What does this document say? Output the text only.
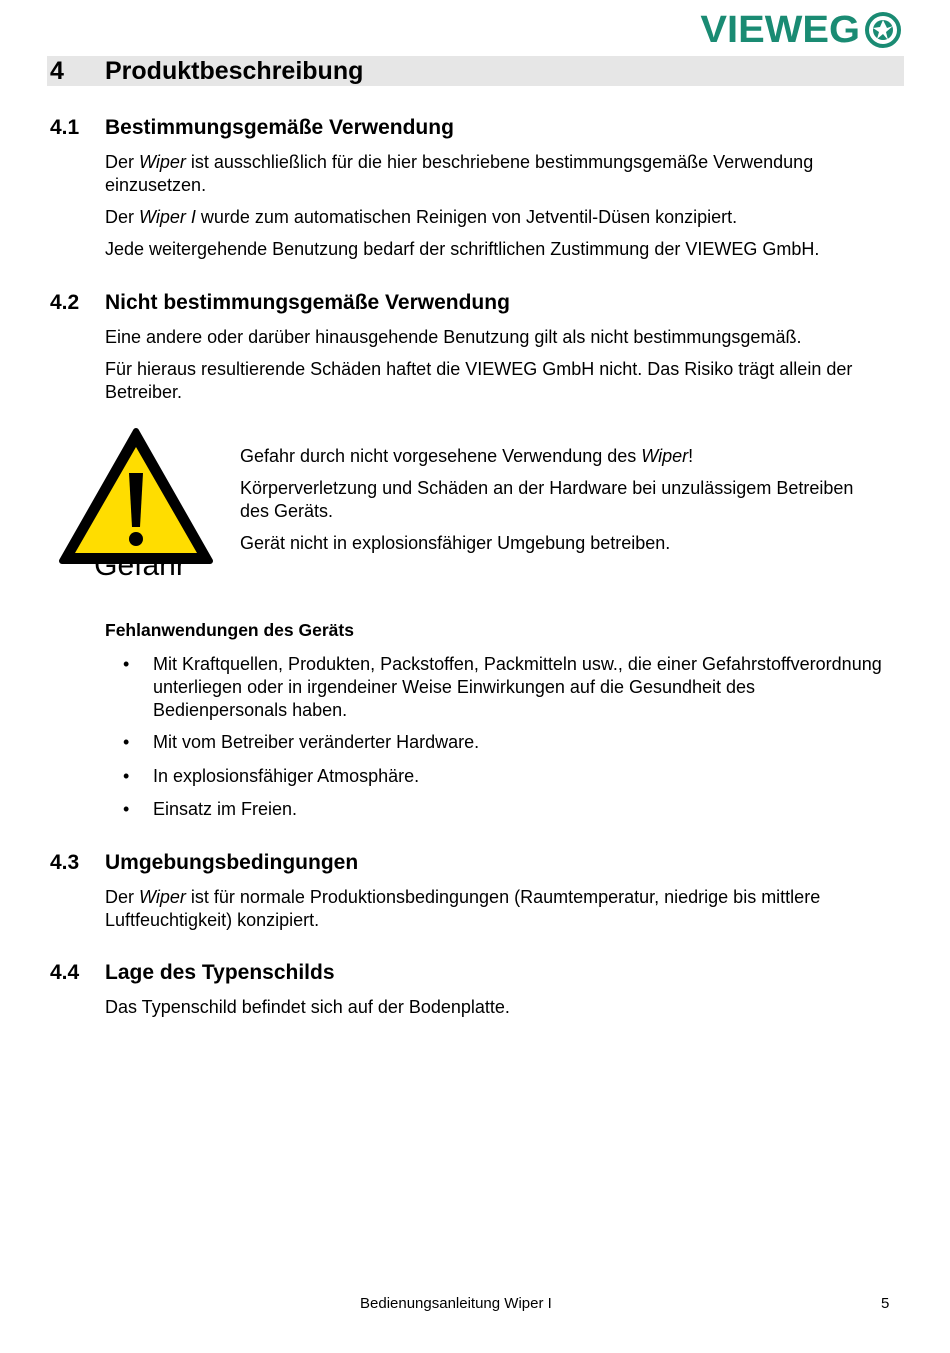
VIEWEG
4 Produktbeschreibung
4.1 Bestimmungsgemäße Verwendung
Der Wiper ist ausschließlich für die hier beschriebene bestimmungsgemäße Verwendung einzusetzen.
Der Wiper I wurde zum automatischen Reinigen von Jetventil-Düsen konzipiert.
Jede weitergehende Benutzung bedarf der schriftlichen Zustimmung der VIEWEG GmbH.
4.2 Nicht bestimmungsgemäße Verwendung
Eine andere oder darüber hinausgehende Benutzung gilt als nicht bestimmungsgemäß.
Für hieraus resultierende Schäden haftet die VIEWEG GmbH nicht. Das Risiko trägt allein der Betreiber.
Gefahr
Gefahr durch nicht vorgesehene Verwendung des Wiper!
Körperverletzung und Schäden an der Hardware bei unzulässigem Betreiben des Geräts.
Gerät nicht in explosionsfähiger Umgebung betreiben.
Fehlanwendungen des Geräts
• Mit Kraftquellen, Produkten, Packstoffen, Packmitteln usw., die einer Gefahrstoffverordnung unterliegen oder in irgendeiner Weise Einwirkungen auf die Gesundheit des Bedienpersonals haben.
• Mit vom Betreiber veränderter Hardware.
• In explosionsfähiger Atmosphäre.
• Einsatz im Freien.
4.3 Umgebungsbedingungen
Der Wiper ist für normale Produktionsbedingungen (Raumtemperatur, niedrige bis mittlere Luftfeuchtigkeit) konzipiert.
4.4 Lage des Typenschilds
Das Typenschild befindet sich auf der Bodenplatte.
Bedienungsanleitung Wiper I	5
